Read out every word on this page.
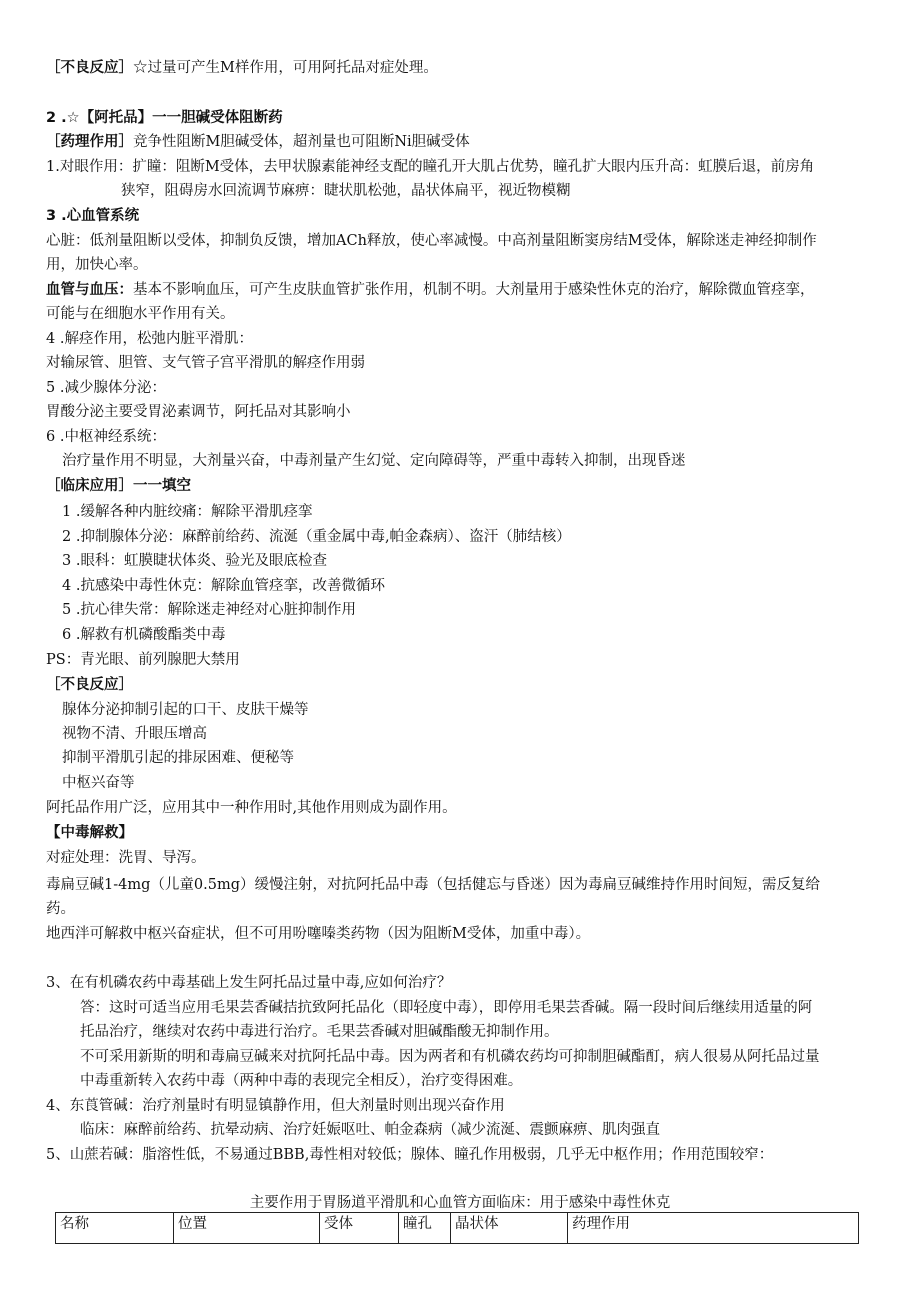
［不良反应］☆过量可产生M样作用，可用阿托品对症处理。
2 .☆【阿托品】一一胆碱受体阻断药
［药理作用］竞争性阻断M胆碱受体，超剂量也可阻断Ni胆碱受体
1.对眼作用：扩瞳：阻断M受体，去甲状腺素能神经支配的瞳孔开大肌占优势，瞳孔扩大眼内压升高：虹膜后退，前房角
狭窄，阻碍房水回流调节麻痹：睫状肌松弛，晶状体扁平，视近物模糊
3 .心血管系统
心脏：低剂量阻断以受体，抑制负反馈，增加ACh释放，使心率减慢。中高剂量阻断窦房结M受体，解除迷走神经抑制作
用，加快心率。
血管与血压：基本不影响血压，可产生皮肤血管扩张作用，机制不明。大剂量用于感染性休克的治疗，解除微血管痉挛，
可能与在细胞水平作用有关。
4 .解痉作用，松弛内脏平滑肌：
对输尿管、胆管、支气管子宫平滑肌的解痉作用弱
5 .减少腺体分泌：
胃酸分泌主要受胃泌素调节，阿托品对其影响小
6 .中枢神经系统：
治疗量作用不明显，大剂量兴奋，中毒剂量产生幻觉、定向障碍等，严重中毒转入抑制，出现昏迷
［临床应用］一一填空
1 .缓解各种内脏绞痛：解除平滑肌痉挛
2 .抑制腺体分泌：麻醉前给药、流涎（重金属中毒,帕金森病）、盗汗（肺结核）
3 .眼科：虹膜睫状体炎、验光及眼底检查
4 .抗感染中毒性休克：解除血管痉挛，改善微循环
5 .抗心律失常：解除迷走神经对心脏抑制作用
6 .解救有机磷酸酯类中毒
PS：青光眼、前列腺肥大禁用
［不良反应］
腺体分泌抑制引起的口干、皮肤干燥等
视物不清、升眼压增高
抑制平滑肌引起的排尿困难、便秘等
中枢兴奋等
阿托品作用广泛，应用其中一种作用时,其他作用则成为副作用。
【中毒解救】
对症处理：洗胃、导泻。
毒扁豆碱1-4mg（儿童0.5mg）缓慢注射，对抗阿托品中毒（包括健忘与昏迷）因为毒扁豆碱维持作用时间短，需反复给
药。
地西泮可解救中枢兴奋症状，但不可用吩噻嗪类药物（因为阻断M受体，加重中毒）。
3、在有机磷农药中毒基础上发生阿托品过量中毒,应如何治疗？
答：这时可适当应用毛果芸香碱拮抗致阿托品化（即轻度中毒），即停用毛果芸香碱。隔一段时间后继续用适量的阿
托品治疗，继续对农药中毒进行治疗。毛果芸香碱对胆碱酯酸无抑制作用。
不可采用新斯的明和毒扁豆碱来对抗阿托品中毒。因为两者和有机磷农药均可抑制胆碱酯酊，病人很易从阿托品过量
中毒重新转入农药中毒（两种中毒的表现完全相反），治疗变得困难。
4、东莨管碱：治疗剂量时有明显镇静作用，但大剂量时则出现兴奋作用
临床：麻醉前给药、抗晕动病、治疗妊娠呕吐、帕金森病（减少流涎、震颤麻痹、肌肉强直
5、山蔗若碱：脂溶性低，不易通过BBB,毒性相对较低；腺体、瞳孔作用极弱，几乎无中枢作用；作用范围较窄：
主要作用于胃肠道平滑肌和心血管方面临床：用于感染中毒性休克
名称	位置	受体	瞳孔	晶状体	药理作用
